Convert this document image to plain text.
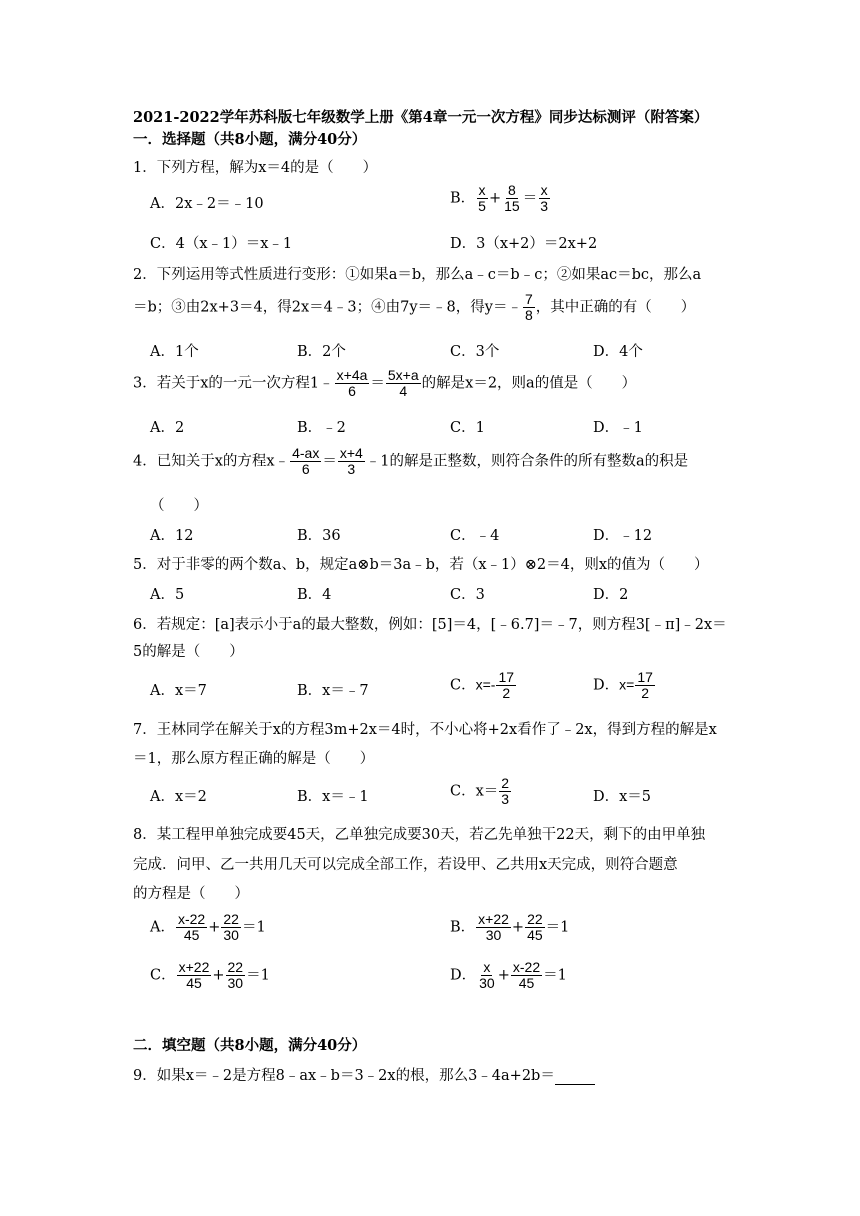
2021-2022学年苏科版七年级数学上册《第4章一元一次方程》同步达标测评（附答案）
一．选择题（共8小题，满分40分）
1．下列方程，解为x＝4的是（　　）
A．2x﹣2＝﹣10	B． $\frac{x}{5} + \frac{8}{15} = \frac{x}{3}$
C．4（x﹣1）＝x﹣1	D．3（x+2）＝2x+2
2．下列运用等式性质进行变形：①如果a＝b，那么a﹣c＝b﹣c；②如果ac＝bc，那么a
＝b；③由2x+3＝4，得2x＝4﹣3；④由7y＝﹣8，得y＝﹣ $\frac{7}{8}$ ，其中正确的有（　　）
A．1个	B．2个	C．3个	D．4个
3．若关于x的一元一次方程1﹣ $\frac{x+4a}{6} = \frac{5x+a}{4}$ 的解是x＝2，则a的值是（　　）
A．2	B．﹣2	C．1	D．﹣1
4．已知关于x的方程x﹣ $\frac{4-ax}{6} = \frac{x+4}{3}$ ﹣1的解是正整数，则符合条件的所有整数a的积是
（　　）
A．12	B．36	C．﹣4	D．﹣12
5．对于非零的两个数a、b，规定a⊗b＝3a﹣b，若（x﹣1）⊗2＝4，则x的值为（　　）
A．5	B．4	C．3	D．2
6．若规定：[a]表示小于a的最大整数，例如：[5]＝4，[﹣6.7]＝﹣7，则方程3[﹣π]﹣2x＝
5的解是（　　）
A．x＝7	B．x＝﹣7	C．$x=- \frac{17}{2}$	D．$x= \frac{17}{2}$
7．王林同学在解关于x的方程3m+2x＝4时，不小心将+2x看作了﹣2x，得到方程的解是x
＝1，那么原方程正确的解是（　　）
A．x＝2	B．x＝﹣1	C．$x= \frac{2}{3}$	D．x＝5
8．某工程甲单独完成要45天，乙单独完成要30天，若乙先单独干22天，剩下的由甲单独
完成．问甲、乙一共用几天可以完成全部工作，若设甲、乙共用x天完成，则符合题意
的方程是（　　）
A． $\frac{x-22}{45} + \frac{22}{30} =1$	B． $\frac{x+22}{30} + \frac{22}{45} =1$
C． $\frac{x+22}{45} + \frac{22}{30} =1$	D． $\frac{x}{30} + \frac{x-22}{45} =1$
二．填空题（共8小题，满分40分）
9．如果x＝﹣2是方程8﹣ax﹣b＝3﹣2x的根，那么3﹣4a+2b＝
